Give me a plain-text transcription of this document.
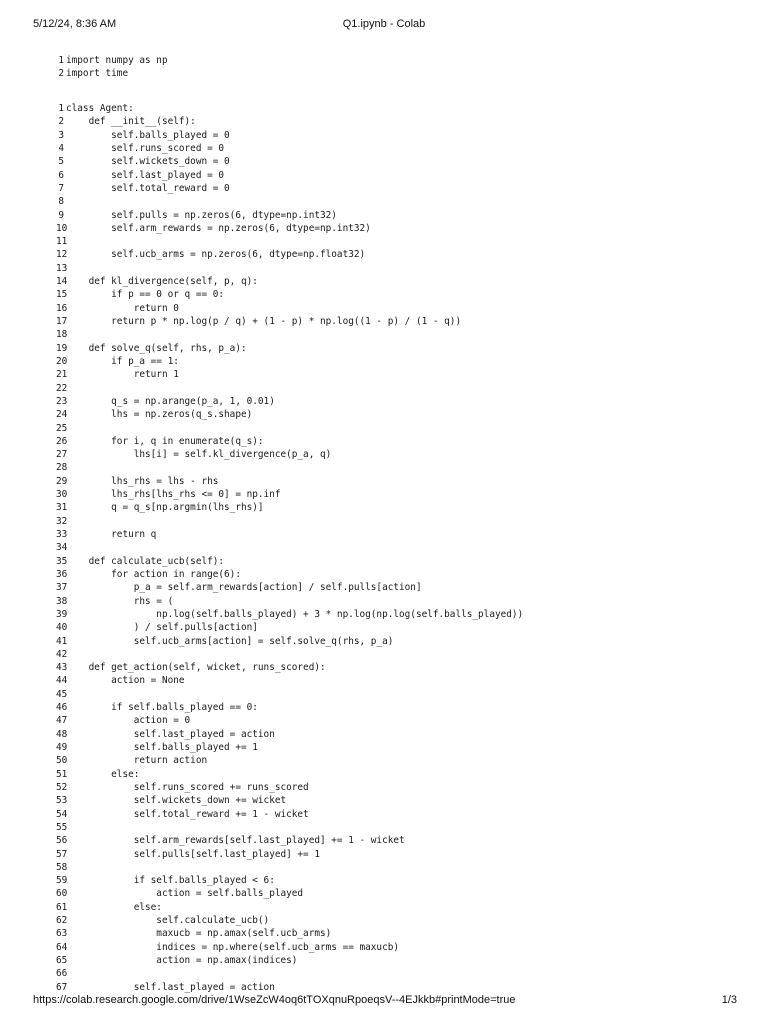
5/12/24, 8:36 AM	Q1.ipynb - Colab
1 import numpy as np
2 import time
1 class Agent:
2     def __init__(self):
3         self.balls_played = 0
4         self.runs_scored = 0
5         self.wickets_down = 0
6         self.last_played = 0
7         self.total_reward = 0
8
9         self.pulls = np.zeros(6, dtype=np.int32)
10         self.arm_rewards = np.zeros(6, dtype=np.int32)
11
12         self.ucb_arms = np.zeros(6, dtype=np.float32)
13
14     def kl_divergence(self, p, q):
15         if p == 0 or q == 0:
16             return 0
17         return p * np.log(p / q) + (1 - p) * np.log((1 - p) / (1 - q))
18
19     def solve_q(self, rhs, p_a):
20         if p_a == 1:
21             return 1
22
23         q_s = np.arange(p_a, 1, 0.01)
24         lhs = np.zeros(q_s.shape)
25
26         for i, q in enumerate(q_s):
27             lhs[i] = self.kl_divergence(p_a, q)
28
29         lhs_rhs = lhs - rhs
30         lhs_rhs[lhs_rhs <= 0] = np.inf
31         q = q_s[np.argmin(lhs_rhs)]
32
33         return q
34
35     def calculate_ucb(self):
36         for action in range(6):
37             p_a = self.arm_rewards[action] / self.pulls[action]
38             rhs = (
39                 np.log(self.balls_played) + 3 * np.log(np.log(self.balls_played))
40             ) / self.pulls[action]
41             self.ucb_arms[action] = self.solve_q(rhs, p_a)
42
43     def get_action(self, wicket, runs_scored):
44         action = None
45
46         if self.balls_played == 0:
47             action = 0
48             self.last_played = action
49             self.balls_played += 1
50             return action
51         else:
52             self.runs_scored += runs_scored
53             self.wickets_down += wicket
54             self.total_reward += 1 - wicket
55
56             self.arm_rewards[self.last_played] += 1 - wicket
57             self.pulls[self.last_played] += 1
58
59             if self.balls_played < 6:
60                 action = self.balls_played
61             else:
62                 self.calculate_ucb()
63                 maxucb = np.amax(self.ucb_arms)
64                 indices = np.where(self.ucb_arms == maxucb)
65                 action = np.amax(indices)
66
67             self.last_played = action
https://colab.research.google.com/drive/1WseZcW4oq6tTOXqnuRpoeqsV--4EJkkb#printMode=true	1/3
